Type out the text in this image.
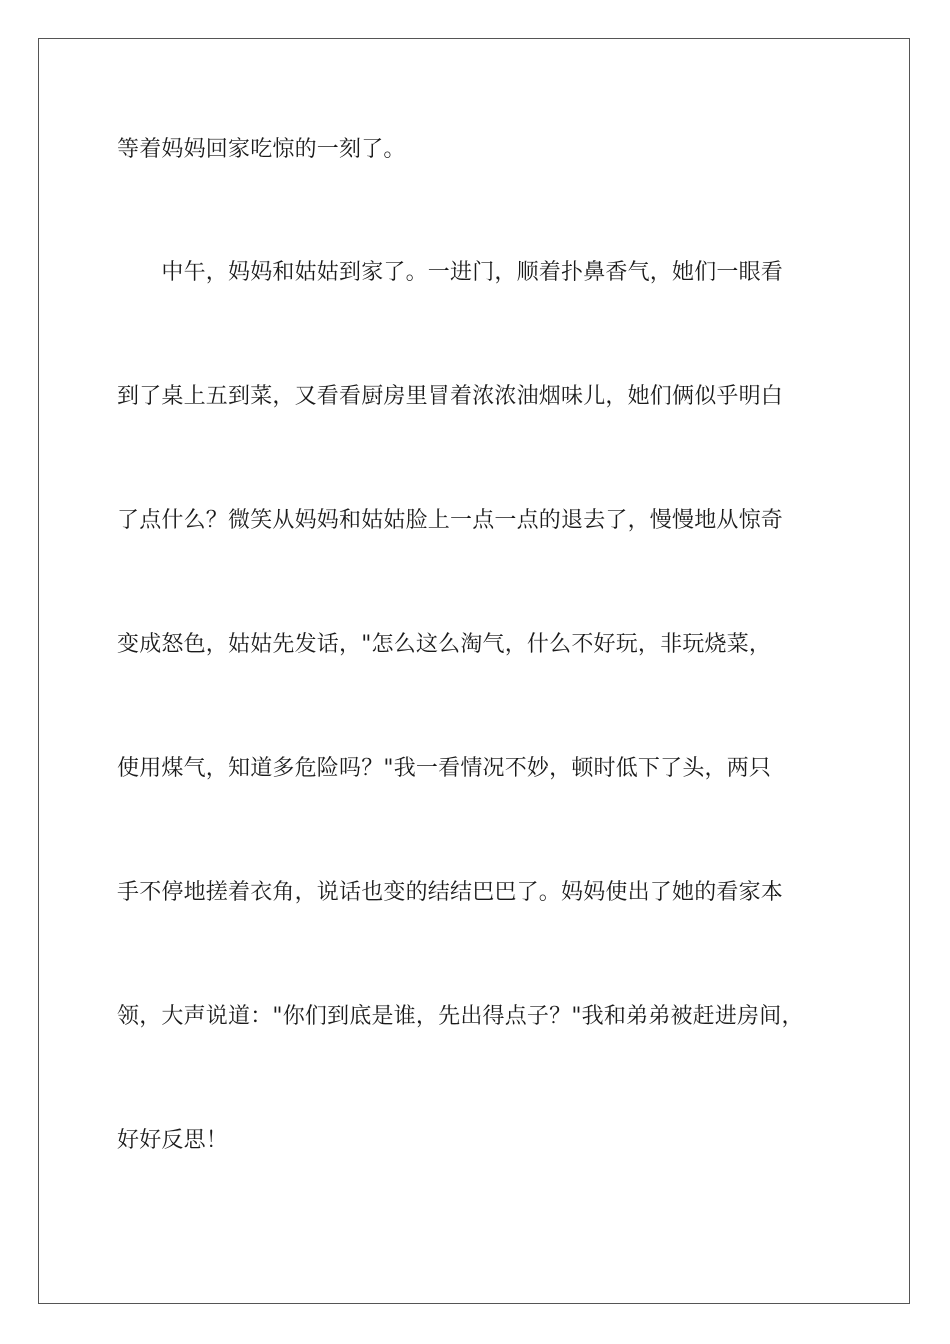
等着妈妈回家吃惊的一刻了。
　　中午，妈妈和姑姑到家了。一进门，顺着扑鼻香气，她们一眼看
到了桌上五到菜，又看看厨房里冒着浓浓油烟味儿，她们俩似乎明白
了点什么？微笑从妈妈和姑姑脸上一点一点的退去了，慢慢地从惊奇
变成怒色，姑姑先发话，"怎么这么淘气，什么不好玩，非玩烧菜，
使用煤气，知道多危险吗？"我一看情况不妙，顿时低下了头，两只
手不停地搓着衣角，说话也变的结结巴巴了。妈妈使出了她的看家本
领，大声说道："你们到底是谁，先出得点子？"我和弟弟被赶进房间，
好好反思！
